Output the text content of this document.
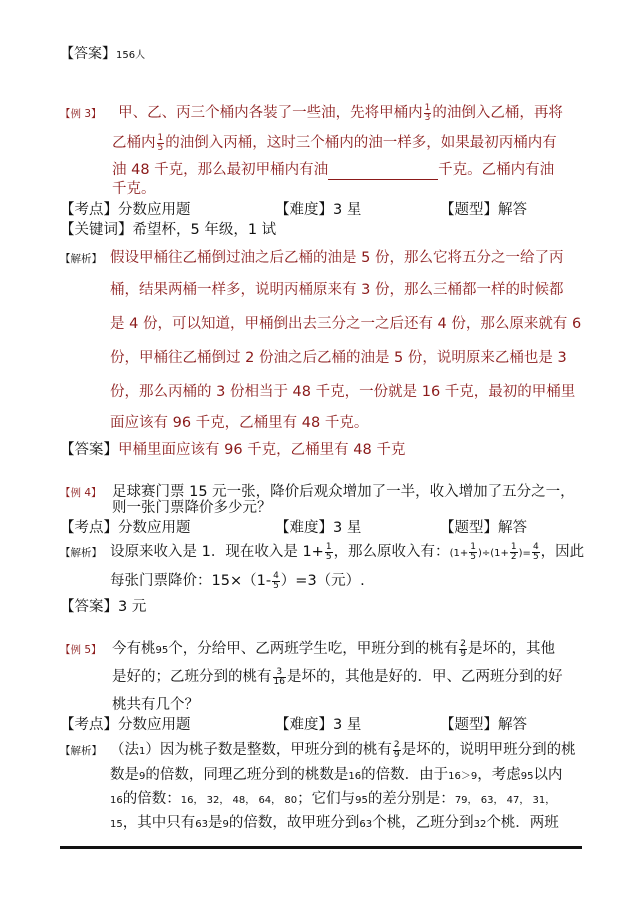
【答案】156人
【例 3】 甲、乙、丙三个桶内各装了一些油，先将甲桶内 $\frac{1}{3}$ 的油倒入乙桶，再将
乙桶内 $\frac{1}{5}$ 的油倒入丙桶，这时三个桶内的油一样多，如果最初丙桶内有
油 48 千克，那么最初甲桶内有油	千克。乙桶内有油
千克。
【考点】分数应用题	【难度】3 星	【题型】解答
【关键词】希望杯，5 年级，1 试
【解析】 假设甲桶往乙桶倒过油之后乙桶的油是 5 份，那么它将五分之一给了丙
桶，结果两桶一样多，说明丙桶原来有 3 份，那么三桶都一样的时候都
是 4 份，可以知道，甲桶倒出去三分之一之后还有 4 份，那么原来就有 6
份，甲桶往乙桶倒过 2 份油之后乙桶的油是 5 份，说明原来乙桶也是 3
份，那么丙桶的 3 份相当于 48 千克，一份就是 16 千克，最初的甲桶里
面应该有 96 千克，乙桶里有 48 千克。
【答案】甲桶里面应该有 96 千克，乙桶里有 48 千克
【例 4】 足球赛门票 15 元一张，降价后观众增加了一半，收入增加了五分之一，
则一张门票降价多少元？
【考点】分数应用题	【难度】3 星	【题型】解答
【解析】 设原来收入是 1．现在收入是 $1+ \frac{1}{5}$ ，那么原收入有：$(1+ \frac{1}{5} )\div(1+ \frac{1}{2}$ )= $\frac{4}{5}$ ，因此
每张门票降价：$15\times(1- \frac{4}{5} )=3$（元）.
【答案】3 元
【例 5】 今有桃95个，分给甲、乙两班学生吃，甲班分到的桃有 $\frac{2}{9}$ 是坏的，其他
是好的；乙班分到的桃有 $\frac{3}{16}$ 是坏的，其他是好的．甲、乙两班分到的好
桃共有几个？
【考点】分数应用题	【难度】3 星	【题型】解答
【解析】 （法1）因为桃子数是整数，甲班分到的桃有 $\frac{2}{9}$ 是坏的，说明甲班分到的桃
数是9的倍数，同理乙班分到的桃数是16的倍数．由于16＞9，考虑95以内
16的倍数：16， 32， 48， 64， 80；它们与95的差分别是：79， 63， 47， 31，
15，其中只有63是9的倍数，故甲班分到63个桃，乙班分到32个桃．两班
